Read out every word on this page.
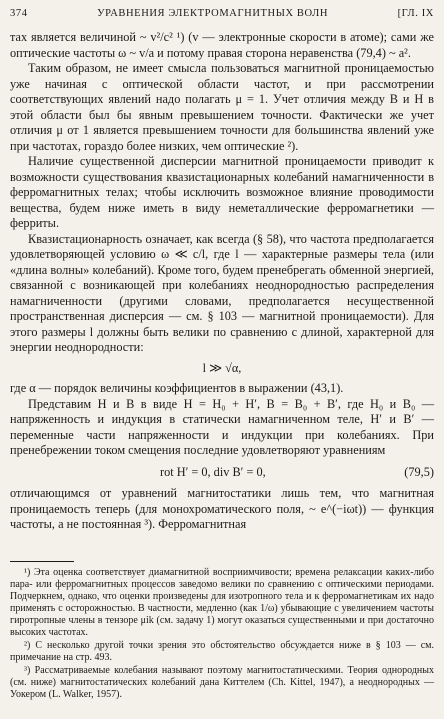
374	УРАВНЕНИЯ ЭЛЕКТРОМАГНИТНЫХ ВОЛН	[ГЛ. IX

тах является величиной ~ v²/c² ¹) (v — электронные скорости в атоме); сами же оптические частоты ω ~ v/a и потому правая сторона неравенства (79,4) ~ a².

Таким образом, не имеет смысла пользоваться магнитной проницаемостью уже начиная с оптической области частот, и при рассмотрении соответствующих явлений надо полагать μ = 1. Учет отличия между B и H в этой области был бы явным превышением точности. Фактически же учет отличия μ от 1 является превышением точности для большинства явлений уже при частотах, гораздо более низких, чем оптические ²).

Наличие существенной дисперсии магнитной проницаемости приводит к возможности существования квазистационарных колебаний намагниченности в ферромагнитных телах; чтобы исключить возможное влияние проводимости вещества, будем ниже иметь в виду неметаллические ферромагнетики — ферриты.

Квазистационарность означает, как всегда (§ 58), что частота предполагается удовлетворяющей условию ω ≪ c/l, где l — характерные размеры тела (или «длина волны» колебаний). Кроме того, будем пренебрегать обменной энергией, связанной с возникающей при колебаниях неоднородностью распределения намагниченности (другими словами, предполагается несущественной пространственная дисперсия — см. § 103 — магнитной проницаемости). Для этого размеры l должны быть велики по сравнению с длиной, характерной для энергии неоднородности:

l ≫ √α,

где α — порядок величины коэффициентов в выражении (43,1).

Представим H и B в виде H = H₀ + H′, B = B₀ + B′, где H₀ и B₀ — напряженность и индукция в статически намагниченном теле, H′ и B′ — переменные части напряженности и индукции при колебаниях. При пренебрежении током смещения последние удовлетворяют уравнениям

rot H′ = 0, div B′ = 0,	(79,5)

отличающимся от уравнений магнитостатики лишь тем, что магнитная проницаемость теперь (для монохроматического поля, ~ e^(−iωt)) — функция частоты, а не постоянная ³). Ферромагнитная

¹) Эта оценка соответствует диамагнитной восприимчивости; времена релаксации каких-либо пара- или ферромагнитных процессов заведомо велики по сравнению с оптическими периодами. Подчеркнем, однако, что оценки произведены для изотропного тела и к ферромагнетикам их надо применять с осторожностью. В частности, медленно (как 1/ω) убывающие с увеличением частоты гиротропные члены в тензоре μik (см. задачу 1) могут оказаться существенными и при достаточно высоких частотах.

²) С несколько другой точки зрения это обстоятельство обсуждается ниже в § 103 — см. примечание на стр. 493.

³) Рассматриваемые колебания называют поэтому магнитостатическими. Теория однородных (см. ниже) магнитостатических колебаний дана Киттелем (Ch. Kittel, 1947), а неоднородных — Уокером (L. Walker, 1957).
